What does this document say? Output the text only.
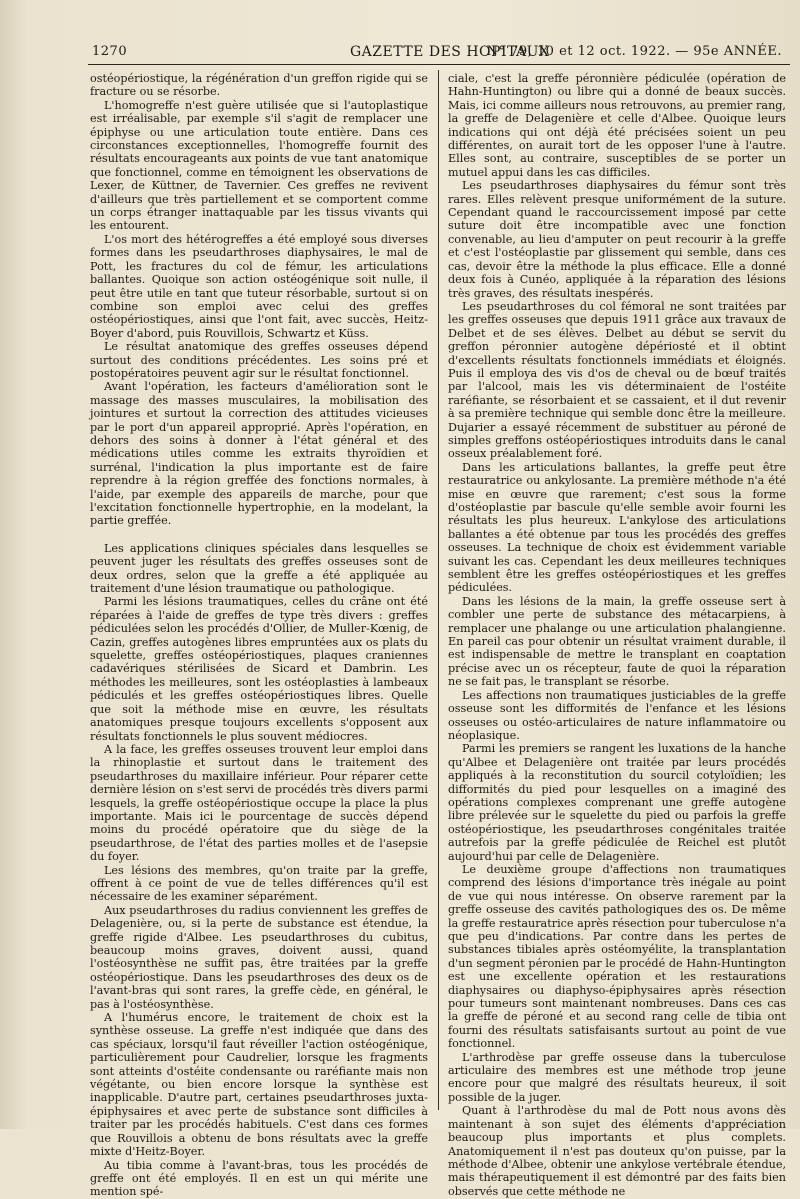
1270	GAZETTE DES HOPITAUX
N° 79, 10 et 12 oct. 1922. — 95e ANNÉE.

ostéopériostique, la régénération d'un greffon rigide qui se fracture ou se résorbe.

L'homogreffe n'est guère utilisée que si l'autoplastique est irréalisable, par exemple s'il s'agit de remplacer une épiphyse ou une articulation toute entière. Dans ces circonstances exceptionnelles, l'homogreffe fournit des résultats encourageants aux points de vue tant anatomique que fonctionnel, comme en témoignent les observations de Lexer, de Küttner, de Tavernier. Ces greffes ne revivent d'ailleurs que très partiellement et se comportent comme un corps étranger inattaquable par les tissus vivants qui les entourent.

L'os mort des hétérogreffes a été employé sous diverses formes dans les pseudarthroses diaphysaires, le mal de Pott, les fractures du col de fémur, les articulations ballantes. Quoique son action ostéogénique soit nulle, il peut être utile en tant que tuteur résorbable, surtout si on combine son emploi avec celui des greffes ostéopériostiques, ainsi que l'ont fait, avec succès, Heitz-Boyer d'abord, puis Rouvillois, Schwartz et Küss.

Le résultat anatomique des greffes osseuses dépend surtout des conditions précédentes. Les soins pré et postopératoires peuvent agir sur le résultat fonctionnel.

Avant l'opération, les facteurs d'amélioration sont le massage des masses musculaires, la mobilisation des jointures et surtout la correction des attitudes vicieuses par le port d'un appareil approprié. Après l'opération, en dehors des soins à donner à l'état général et des médications utiles comme les extraits thyroïdien et surrénal, l'indication la plus importante est de faire reprendre à la région greffée des fonctions normales, à l'aide, par exemple des appareils de marche, pour que l'excitation fonctionnelle hypertrophie, en la modelant, la partie greffée.

Les applications cliniques spéciales dans lesquelles se peuvent juger les résultats des greffes osseuses sont de deux ordres, selon que la greffe a été appliquée au traitement d'une lésion traumatique ou pathologique.

Parmi les lésions traumatiques, celles du crâne ont été réparées à l'aide de greffes de type très divers : greffes pédiculées selon les procédés d'Ollier, de Muller-Kœnig, de Cazin, greffes autogènes libres empruntées aux os plats du squelette, greffes ostéopériostiques, plaques craniennes cadavériques stérilisées de Sicard et Dambrin. Les méthodes les meilleures, sont les ostéoplasties à lambeaux pédiculés et les greffes ostéopériostiques libres. Quelle que soit la méthode mise en œuvre, les résultats anatomiques presque toujours excellents s'opposent aux résultats fonctionnels le plus souvent médiocres.

A la face, les greffes osseuses trouvent leur emploi dans la rhinoplastie et surtout dans le traitement des pseudarthroses du maxillaire inférieur. Pour réparer cette dernière lésion on s'est servi de procédés très divers parmi lesquels, la greffe ostéopériostique occupe la place la plus importante. Mais ici le pourcentage de succès dépend moins du procédé opératoire que du siège de la pseudarthrose, de l'état des parties molles et de l'asepsie du foyer.

Les lésions des membres, qu'on traite par la greffe, offrent à ce point de vue de telles différences qu'il est nécessaire de les examiner séparément.

Aux pseudarthroses du radius conviennent les greffes de Delagenière, ou, si la perte de substance est étendue, la greffe rigide d'Albee. Les pseudarthroses du cubitus, beaucoup moins graves, doivent aussi, quand l'ostéosynthèse ne suffit pas, être traitées par la greffe ostéopériostique. Dans les pseudarthroses des deux os de l'avant-bras qui sont rares, la greffe cède, en général, le pas à l'ostéosynthèse.

A l'humérus encore, le traitement de choix est la synthèse osseuse. La greffe n'est indiquée que dans des cas spéciaux, lorsqu'il faut réveiller l'action ostéogénique, particulièrement pour Caudrelier, lorsque les fragments sont atteints d'ostéite condensante ou raréfiante mais non végétante, ou bien encore lorsque la synthèse est inapplicable. D'autre part, certaines pseudarthroses juxta-épiphysaires et avec perte de substance sont difficiles à traiter par les procédés habituels. C'est dans ces formes que Rouvillois a obtenu de bons résultats avec la greffe mixte d'Heitz-Boyer.

Au tibia comme à l'avant-bras, tous les procédés de greffe ont été employés. Il en est un qui mérite une mention spé-

ciale, c'est la greffe péronnière pédiculée (opération de Hahn-Huntington) ou libre qui a donné de beaux succès. Mais, ici comme ailleurs nous retrouvons, au premier rang, la greffe de Delagenière et celle d'Albee. Quoique leurs indications qui ont déjà été précisées soient un peu différentes, on aurait tort de les opposer l'une à l'autre. Elles sont, au contraire, susceptibles de se porter un mutuel appui dans les cas difficiles.

Les pseudarthroses diaphysaires du fémur sont très rares. Elles relèvent presque uniformément de la suture. Cependant quand le raccourcissement imposé par cette suture doit être incompatible avec une fonction convenable, au lieu d'amputer on peut recourir à la greffe et c'est l'ostéoplastie par glissement qui semble, dans ces cas, devoir être la méthode la plus efficace. Elle a donné deux fois à Cunéo, appliquée à la réparation des lésions très graves, des résultats inespérés.

Les pseudarthroses du col fémoral ne sont traitées par les greffes osseuses que depuis 1911 grâce aux travaux de Delbet et de ses élèves. Delbet au début se servit du greffon péronnier autogène dépériosté et il obtint d'excellents résultats fonctionnels immédiats et éloignés. Puis il employa des vis d'os de cheval ou de bœuf traités par l'alcool, mais les vis déterminaient de l'ostéite raréfiante, se résorbaient et se cassaient, et il dut revenir à sa première technique qui semble donc être la meilleure. Dujarier a essayé récemment de substituer au péroné de simples greffons ostéopériostiques introduits dans le canal osseux préalablement foré.

Dans les articulations ballantes, la greffe peut être restauratrice ou ankylosante. La première méthode n'a été mise en œuvre que rarement; c'est sous la forme d'ostéoplastie par bascule qu'elle semble avoir fourni les résultats les plus heureux. L'ankylose des articulations ballantes a été obtenue par tous les procédés des greffes osseuses. La technique de choix est évidemment variable suivant les cas. Cependant les deux meilleures techniques semblent être les greffes ostéopériostiques et les greffes pédiculées.

Dans les lésions de la main, la greffe osseuse sert à combler une perte de substance des métacarpiens, à remplacer une phalange ou une articulation phalangienne. En pareil cas pour obtenir un résultat vraiment durable, il est indispensable de mettre le transplant en coaptation précise avec un os récepteur, faute de quoi la réparation ne se fait pas, le transplant se résorbe.

Les affections non traumatiques justiciables de la greffe osseuse sont les difformités de l'enfance et les lésions osseuses ou ostéo-articulaires de nature inflammatoire ou néoplasique.

Parmi les premiers se rangent les luxations de la hanche qu'Albee et Delagenière ont traitée par leurs procédés appliqués à la reconstitution du sourcil cotyloïdien; les difformités du pied pour lesquelles on a imaginé des opérations complexes comprenant une greffe autogène libre prélevée sur le squelette du pied ou parfois la greffe ostéopériostique, les pseudarthroses congénitales traitée autrefois par la greffe pédiculée de Reichel est plutôt aujourd'hui par celle de Delagenière.

Le deuxième groupe d'affections non traumatiques comprend des lésions d'importance très inégale au point de vue qui nous intéresse. On observe rarement par la greffe osseuse des cavités pathologiques des os. De même la greffe restauratrice après résection pour tuberculose n'a que peu d'indications. Par contre dans les pertes de substances tibiales après ostéomyélite, la transplantation d'un segment péronien par le procédé de Hahn-Huntington est une excellente opération et les restaurations diaphysaires ou diaphyso-épiphysaires après résection pour tumeurs sont maintenant nombreuses. Dans ces cas la greffe de péroné et au second rang celle de tibia ont fourni des résultats satisfaisants surtout au point de vue fonctionnel.

L'arthrodèse par greffe osseuse dans la tuberculose articulaire des membres est une méthode trop jeune encore pour que malgré des résultats heureux, il soit possible de la juger.

Quant à l'arthrodèse du mal de Pott nous avons dès maintenant à son sujet des éléments d'appréciation beaucoup plus importants et plus complets. Anatomiquement il n'est pas douteux qu'on puisse, par la méthode d'Albee, obtenir une ankylose vertébrale étendue, mais thérapeutiquement il est démontré par des faits bien observés que cette méthode ne
